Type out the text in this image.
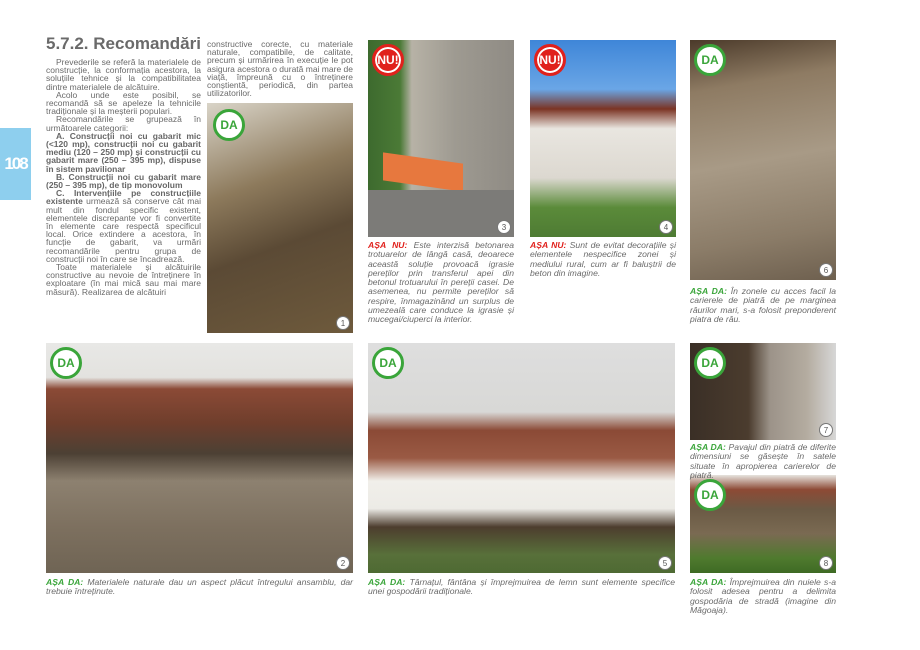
108
5.7.2. Recomandări

Prevederile se referă la materialele de construcție, la conformația acestora, la soluțiile tehnice și la compatibilitatea dintre materialele de alcătuire.

Acolo unde este posibil, se recomandă să se apeleze la tehnicile tradiționale și la meșterii populari.

Recomandările se grupează în următoarele categorii:

A. Construcții noi cu gabarit mic (<120 mp), construcții noi cu gabarit mediu (120 – 250 mp) și construcții cu gabarit mare (250 – 395 mp), dispuse în sistem pavilionar

B. Construcții noi cu gabarit mare (250 – 395 mp), de tip monovolum

C. Intervențiile pe construcțiile existente urmează să conserve cât mai mult din fondul specific existent, elementele discrepante vor fi convertite în elemente care respectă specificul local. Orice extindere a acestora, în funcție de gabarit, va urmări recomandările pentru grupa de construcții noi în care se încadrează.

Toate materialele și alcătuirile constructive au nevoie de întreținere în exploatare (în mai mică sau mai mare măsură). Realizarea de alcătuiri

constructive corecte, cu materiale naturale, compatibile, de calitate, precum și urmărirea în execuție le pot asigura acestora o durată mai mare de viață, împreună cu o întreținere conștientă, periodică, din partea utilizatorilor.

DA
1
DA
2
NU!
3
NU!
4
DA
6
DA
5
DA
7
DA
8
AȘA DA: Materialele naturale dau un aspect plăcut întregului ansamblu, dar trebuie întreținute.
AȘA NU: Este interzisă betonarea trotuarelor de lângă casă, deoarece această soluție provoacă igrasie pereților prin transferul apei din betonul trotuarului în pereții casei. De asemenea, nu permite pereților să respire, înmagazinând un surplus de umezeală care conduce la igrasie și mucegai/ciuperci la interior.
AȘA NU: Sunt de evitat decorațiile și elementele nespecifice zonei și mediului rural, cum ar fi baluștrii de beton din imagine.
AȘA DA: Târnațul, fântâna și împrejmuirea de lemn sunt elemente specifice unei gospodării tradiționale.
AȘA DA: În zonele cu acces facil la carierele de piatră de pe marginea râurilor mari, s-a folosit preponderent piatra de râu.
AȘA DA: Pavajul din piatră de diferite dimensiuni se găsește în satele situate în apropierea carierelor de piatră.
AȘA DA: Împrejmuirea din nuiele s-a folosit adesea pentru a delimita gospodăria de stradă (imagine din Măgoaja).
